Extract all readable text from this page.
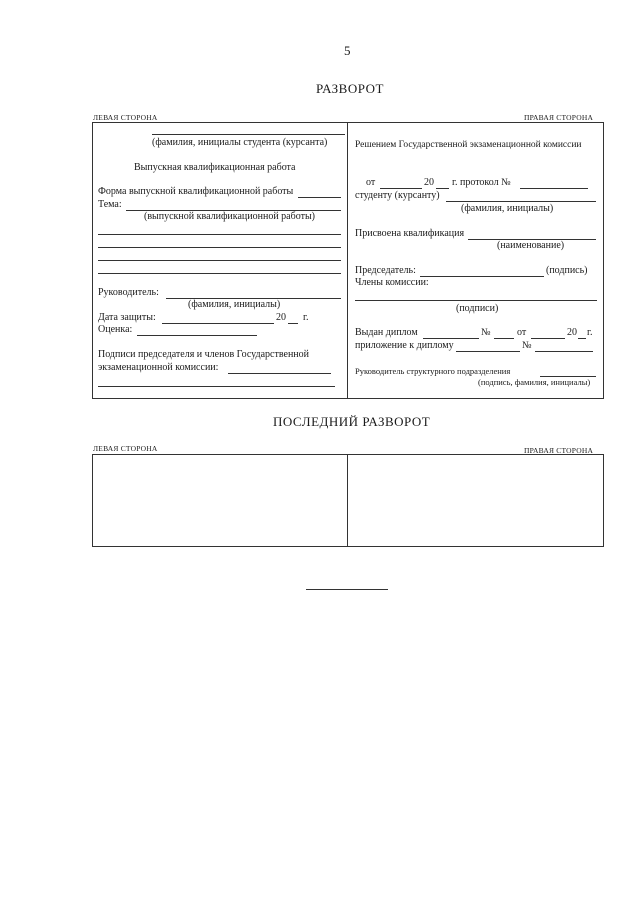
5
РАЗВОРОТ
ЛЕВАЯ СТОРОНА	ПРАВАЯ СТОРОНА
(фамилия, инициалы студента (курсанта)
Выпускная квалификационная работа
Форма выпускной квалификационной работы
Тема:
(выпускной квалификационной работы)
Руководитель:
(фамилия, инициалы)
Дата защиты:	20 г.
Оценка:
Подписи председателя и членов Государственной
экзаменационной комиссии:
Решением Государственной экзаменационной комиссии
от	20 г. протокол №
студенту (курсанту)
(фамилия, инициалы)
Присвоена квалификация
(наименование)
Председатель:	(подпись)
Члены комиссии:
(подписи)
Выдан диплом	№	от	20 г.
приложение к диплому	№
Руководитель структурного подразделения
(подпись, фамилия, инициалы)
ПОСЛЕДНИЙ РАЗВОРОТ
ЛЕВАЯ СТОРОНА	ПРАВАЯ СТОРОНА
